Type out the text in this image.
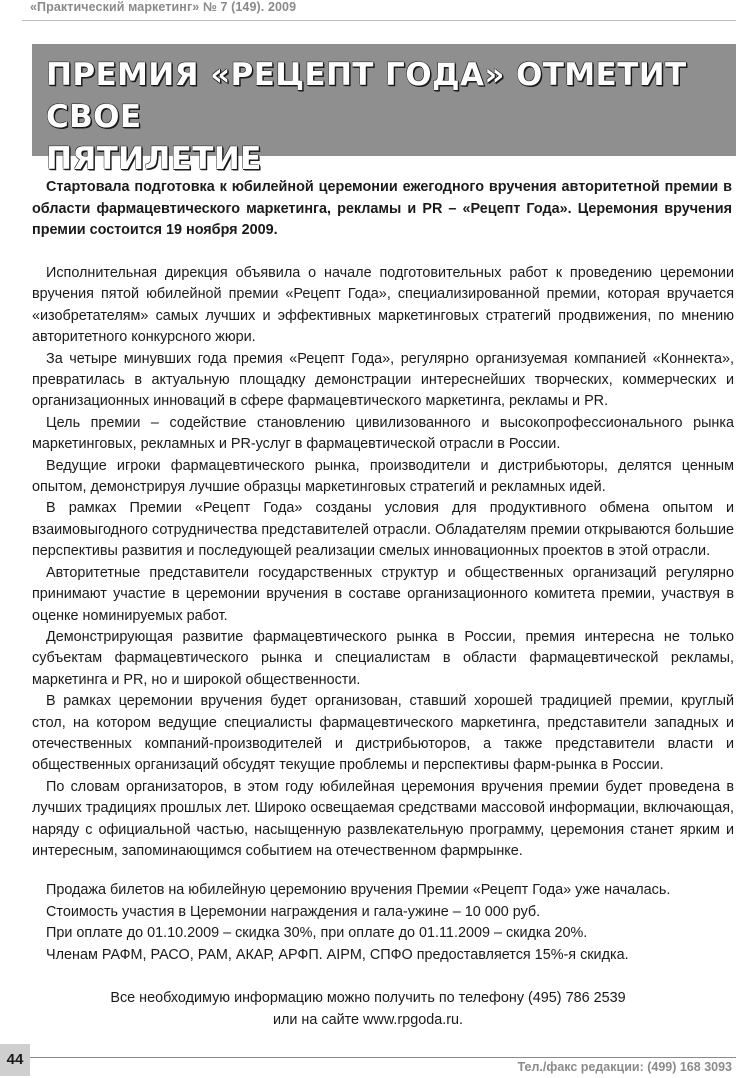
«Практический маркетинг» № 7 (149). 2009
ПРЕМИЯ «РЕЦЕПТ ГОДА» ОТМЕТИТ СВОЕ
ПЯТИЛЕТИЕ

Стартовала подготовка к юбилейной церемонии ежегодного вручения авторитетной премии в области фармацевтического маркетинга, рекламы и PR – «Рецепт Года». Церемония вручения премии состоится 19 ноября 2009.

Исполнительная дирекция объявила о начале подготовительных работ к проведению церемонии вручения пятой юбилейной премии «Рецепт Года», специализированной премии, которая вручается «изобретателям» самых лучших и эффективных маркетинговых стратегий продвижения, по мнению авторитетного конкурсного жюри.

За четыре минувших года премия «Рецепт Года», регулярно организуемая компанией «Коннекта», превратилась в актуальную площадку демонстрации интереснейших творческих, коммерческих и организационных инноваций в сфере фармацевтического маркетинга, рекламы и PR.

Цель премии – содействие становлению цивилизованного и высокопрофессионального рынка маркетинговых, рекламных и PR-услуг в фармацевтической отрасли в России.

Ведущие игроки фармацевтического рынка, производители и дистрибьюторы, делятся ценным опытом, демонстрируя лучшие образцы маркетинговых стратегий и рекламных идей.

В рамках Премии «Рецепт Года» созданы условия для продуктивного обмена опытом и взаимовыгодного сотрудничества представителей отрасли. Обладателям премии открываются большие перспективы развития и последующей реализации смелых инновационных проектов в этой отрасли.

Авторитетные представители государственных структур и общественных организаций регулярно принимают участие в церемонии вручения в составе организационного комитета премии, участвуя в оценке номинируемых работ.

Демонстрирующая развитие фармацевтического рынка в России, премия интересна не только субъектам фармацевтического рынка и специалистам в области фармацевтической рекламы, маркетинга и PR, но и широкой общественности.

В рамках церемонии вручения будет организован, ставший хорошей традицией премии, круглый стол, на котором ведущие специалисты фармацевтического маркетинга, представители западных и отечественных компаний-производителей и дистрибьюторов, а также представители власти и общественных организаций обсудят текущие проблемы и перспективы фарм-рынка в России.

По словам организаторов, в этом году юбилейная церемония вручения премии будет проведена в лучших традициях прошлых лет. Широко освещаемая средствами массовой информации, включающая, наряду с официальной частью, насыщенную развлекательную программу, церемония станет ярким и интересным, запоминающимся событием на отечественном фармрынке.

Продажа билетов на юбилейную церемонию вручения Премии «Рецепт Года» уже началась.

Стоимость участия в Церемонии награждения и гала-ужине – 10 000 руб.

При оплате до 01.10.2009 – скидка 30%, при оплате до 01.11.2009 – скидка 20%.

Членам РАФМ, РАСО, РАМ, АКАР, АРФП. AIPM, СПФО предоставляется 15%-я скидка.

Все необходимую информацию можно получить по телефону (495) 786 2539

или на сайте www.rpgoda.ru.

44	Тел./факс редакции: (499) 168 3093
